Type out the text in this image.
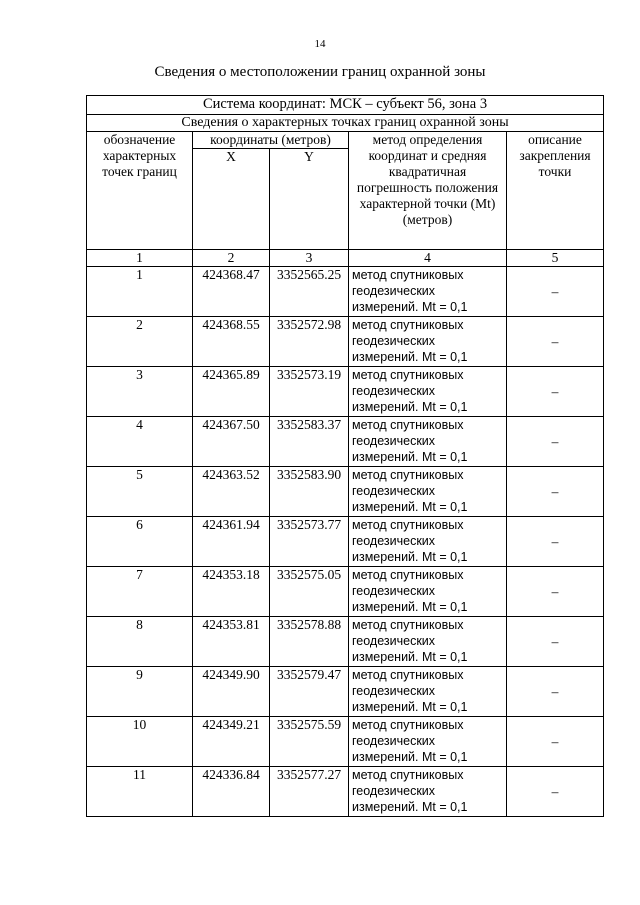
14
Сведения о местоположении границ охранной зоны
Система координат: МСК – субъект 56, зона 3				
Сведения о характерных точках границ охранной зоны				
обозначение характерных точек границ	координаты (метров)		метод определения координат и средняя квадратичная погрешность положения характерной точки (Мt) (метров)	описание закрепления точки
	X	Y		
1	2	3	4	5
1	424368.47	3352565.25	метод спутниковых геодезических измерений. Mt = 0,1	–
2	424368.55	3352572.98	метод спутниковых геодезических измерений. Mt = 0,1	–
3	424365.89	3352573.19	метод спутниковых геодезических измерений. Mt = 0,1	–
4	424367.50	3352583.37	метод спутниковых геодезических измерений. Mt = 0,1	–
5	424363.52	3352583.90	метод спутниковых геодезических измерений. Mt = 0,1	–
6	424361.94	3352573.77	метод спутниковых геодезических измерений. Mt = 0,1	–
7	424353.18	3352575.05	метод спутниковых геодезических измерений. Mt = 0,1	–
8	424353.81	3352578.88	метод спутниковых геодезических измерений. Mt = 0,1	–
9	424349.90	3352579.47	метод спутниковых геодезических измерений. Mt = 0,1	–
10	424349.21	3352575.59	метод спутниковых геодезических измерений. Mt = 0,1	–
11	424336.84	3352577.27	метод спутниковых геодезических измерений. Mt = 0,1	–
